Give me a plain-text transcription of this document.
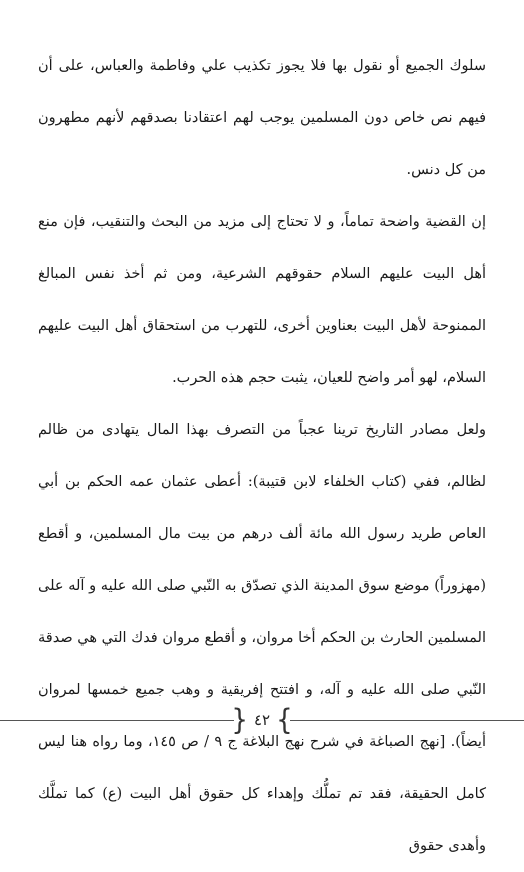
سلوك الجميع أو نقول بها فلا يجوز تكذيب علي وفاطمة والعباس، على أن فيهم نص خاص دون المسلمين يوجب لهم اعتقادنا بصدقهم لأنهم مطهرون من كل دنس.

إن القضية واضحة تماماً، و لا تحتاج إلى مزيد من البحث والتنقيب، فإن منع أهل البيت عليهم السلام حقوقهم الشرعية، ومن ثم أخذ نفس المبالغ الممنوحة لأهل البيت بعناوين أخرى، للتهرب من استحقاق أهل البيت عليهم السلام، لهو أمر واضح للعيان، يثبت حجم هذه الحرب.

ولعل مصادر التاريخ ترينا عجباً من التصرف بهذا المال يتهادى من ظالم لظالم، ففي (كتاب الخلفاء لابن قتيبة): أعطى عثمان عمه الحكم بن أبي العاص طريد رسول الله مائة ألف درهم من بيت مال المسلمين، و أقطع (مهزوراً) موضع سوق المدينة الذي تصدّق به النّبي صلى الله عليه و آله على المسلمين الحارث بن الحكم أخا مروان، و أقطع مروان فدك التي هي صدقة النّبي صلى الله عليه و آله، و افتتح إفريقية و وهب جميع خمسها لمروان أيضاً). [نهج الصباغة في شرح نهج البلاغة ج ٩ / ص ١٤٥، وما رواه هنا ليس كامل الحقيقة، فقد تم تملُّك وإهداء كل حقوق أهل البيت (ع) كما تملَّك وأهدى حقوق

} ٤٢ {
